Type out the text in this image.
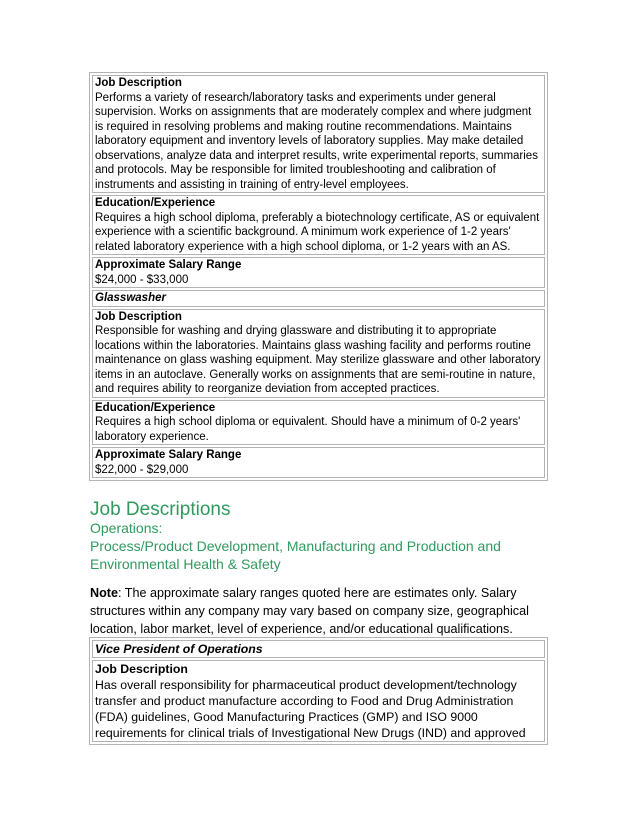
Job Description
Performs a variety of research/laboratory tasks and experiments under general supervision. Works on assignments that are moderately complex and where judgment is required in resolving problems and making routine recommendations. Maintains laboratory equipment and inventory levels of laboratory supplies. May make detailed observations, analyze data and interpret results, write experimental reports, summaries and protocols. May be responsible for limited troubleshooting and calibration of instruments and assisting in training of entry-level employees.

Education/Experience
Requires a high school diploma, preferably a biotechnology certificate, AS or equivalent experience with a scientific background. A minimum work experience of 1-2 years' related laboratory experience with a high school diploma, or 1-2 years with an AS.

Approximate Salary Range
$24,000 - $33,000

Glasswasher

Job Description
Responsible for washing and drying glassware and distributing it to appropriate locations within the laboratories. Maintains glass washing facility and performs routine maintenance on glass washing equipment. May sterilize glassware and other laboratory items in an autoclave. Generally works on assignments that are semi-routine in nature, and requires ability to reorganize deviation from accepted practices.

Education/Experience
Requires a high school diploma or equivalent. Should have a minimum of 0-2 years' laboratory experience.

Approximate Salary Range
$22,000 - $29,000
Job Descriptions

Operations:

Process/Product Development, Manufacturing and Production and Environmental Health & Safety

Note: The approximate salary ranges quoted here are estimates only. Salary structures within any company may vary based on company size, geographical location, labor market, level of experience, and/or educational qualifications.

Vice President of Operations

Job Description
Has overall responsibility for pharmaceutical product development/technology transfer and product manufacture according to Food and Drug Administration (FDA) guidelines, Good Manufacturing Practices (GMP) and ISO 9000 requirements for clinical trials of Investigational New Drugs (IND) and approved
